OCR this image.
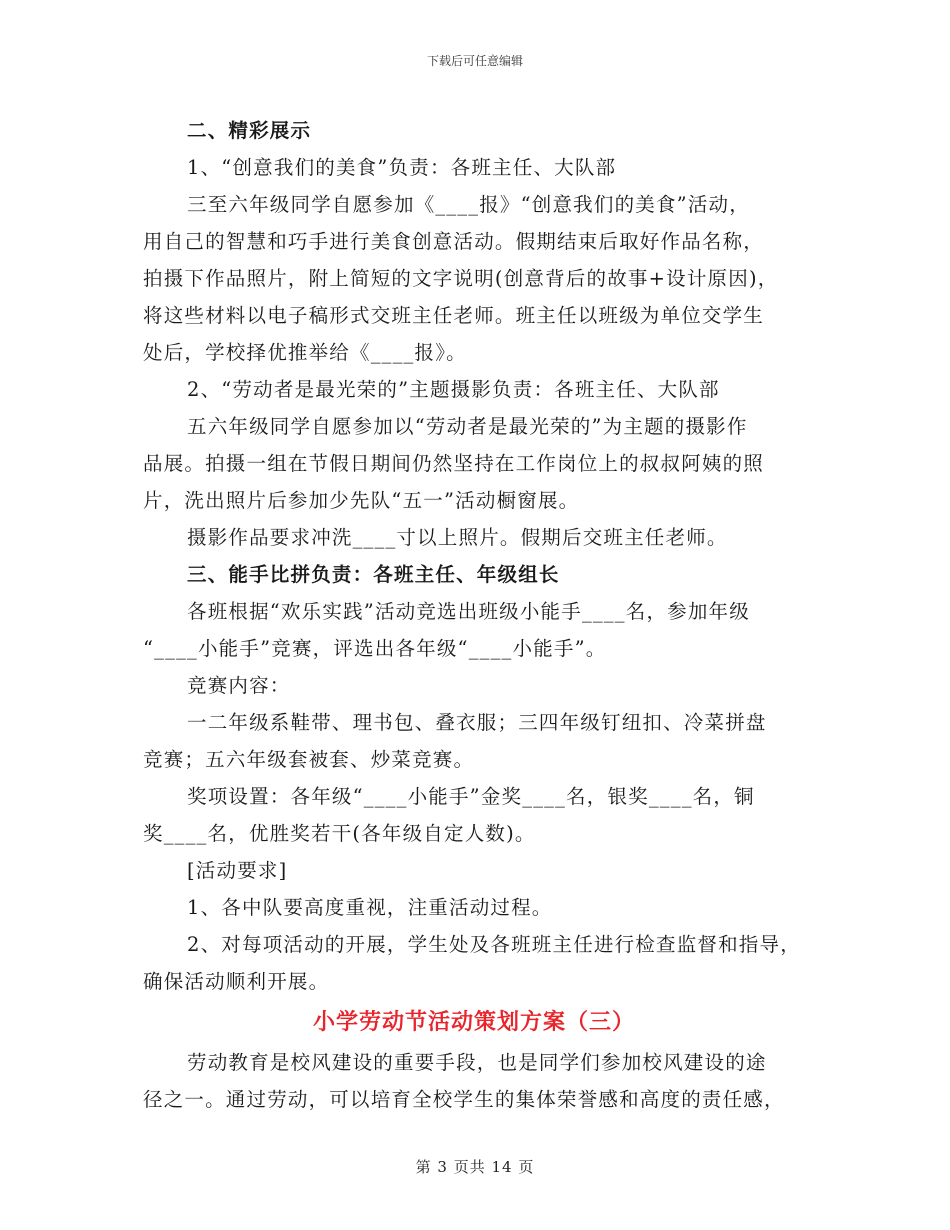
下载后可任意编辑
二、精彩展示
1、“创意我们的美食”负责：各班主任、大队部
三至六年级同学自愿参加《____报》“创意我们的美食”活动，
用自己的智慧和巧手进行美食创意活动。假期结束后取好作品名称，
拍摄下作品照片，附上简短的文字说明(创意背后的故事+设计原因)，
将这些材料以电子稿形式交班主任老师。班主任以班级为单位交学生
处后，学校择优推举给《____报》。
2、“劳动者是最光荣的”主题摄影负责：各班主任、大队部
五六年级同学自愿参加以“劳动者是最光荣的”为主题的摄影作
品展。拍摄一组在节假日期间仍然坚持在工作岗位上的叔叔阿姨的照
片，洗出照片后参加少先队“五一”活动橱窗展。
摄影作品要求冲洗____寸以上照片。假期后交班主任老师。
三、能手比拼负责：各班主任、年级组长
各班根据“欢乐实践”活动竞选出班级小能手____名，参加年级
“____小能手”竞赛，评选出各年级“____小能手”。
竞赛内容：
一二年级系鞋带、理书包、叠衣服；三四年级钉纽扣、冷菜拼盘
竞赛；五六年级套被套、炒菜竞赛。
奖项设置：各年级“____小能手”金奖____名，银奖____名，铜
奖____名，优胜奖若干(各年级自定人数)。
[活动要求]
1、各中队要高度重视，注重活动过程。
2、对每项活动的开展，学生处及各班班主任进行检查监督和指导，
确保活动顺利开展。
小学劳动节活动策划方案（三）
劳动教育是校风建设的重要手段，也是同学们参加校风建设的途
径之一。通过劳动，可以培育全校学生的集体荣誉感和高度的责任感，
第 3 页共 14 页
